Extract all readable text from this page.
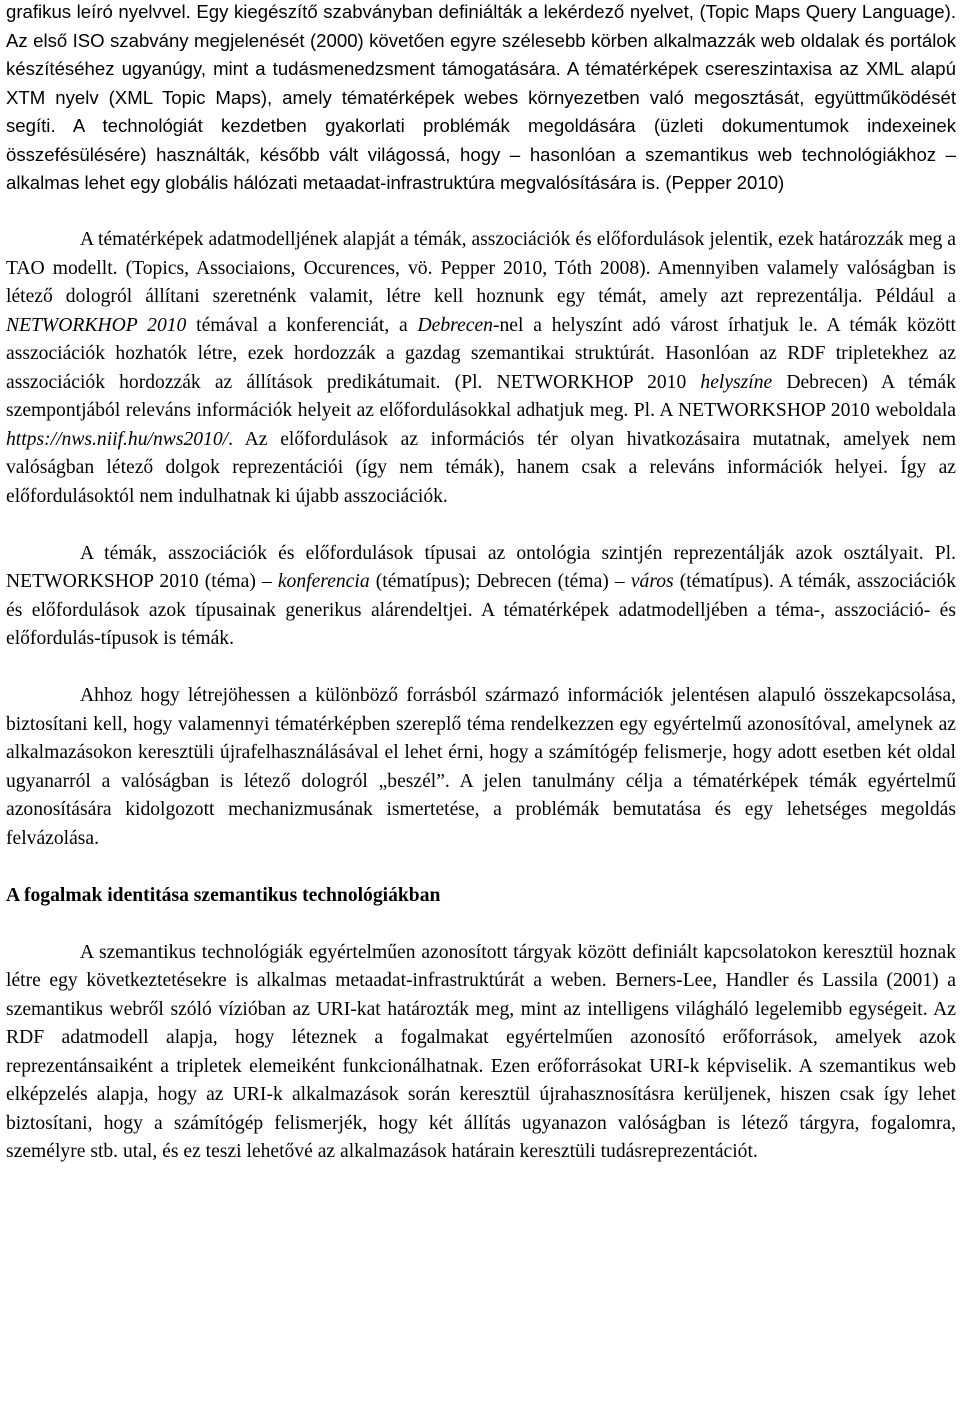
grafikus leíró nyelvvel. Egy kiegészítő szabványban definiálták a lekérdező nyelvet, (Topic Maps Query Language). Az első ISO szabvány megjelenését (2000) követően egyre szélesebb körben alkalmazzák web oldalak és portálok készítéséhez ugyanúgy, mint a tudásmenedzsment támogatására. A tématérképek csereszintaxisa az XML alapú XTM nyelv (XML Topic Maps), amely tématérképek webes környezetben való megosztását, együttműködését segíti. A technológiát kezdetben gyakorlati problémák megoldására (üzleti dokumentumok indexeinek összefésülésére) használták, később vált világossá, hogy – hasonlóan a szemantikus web technológiákhoz – alkalmas lehet egy globális hálózati metaadat-infrastruktúra megvalósítására is. (Pepper 2010)

A tématérképek adatmodelljének alapját a témák, asszociációk és előfordulások jelentik, ezek határozzák meg a TAO modellt. (Topics, Associaions, Occurences, vö. Pepper 2010, Tóth 2008). Amennyiben valamely valóságban is létező dologról állítani szeretnénk valamit, létre kell hoznunk egy témát, amely azt reprezentálja. Például a NETWORKHOP 2010 témával a konferenciát, a Debrecen-nel a helyszínt adó várost írhatjuk le. A témák között asszociációk hozhatók létre, ezek hordozzák a gazdag szemantikai struktúrát. Hasonlóan az RDF tripletekhez az asszociációk hordozzák az állítások predikátumait. (Pl. NETWORKHOP 2010 helyszíne Debrecen) A témák szempontjából releváns információk helyeit az előfordulásokkal adhatjuk meg. Pl. A NETWORKSHOP 2010 weboldala https://nws.niif.hu/nws2010/. Az előfordulások az információs tér olyan hivatkozásaira mutatnak, amelyek nem valóságban létező dolgok reprezentációi (így nem témák), hanem csak a releváns információk helyei. Így az előfordulásoktól nem indulhatnak ki újabb asszociációk.

A témák, asszociációk és előfordulások típusai az ontológia szintjén reprezentálják azok osztályait. Pl. NETWORKSHOP 2010 (téma) – konferencia (tématípus); Debrecen (téma) – város (tématípus). A témák, asszociációk és előfordulások azok típusainak generikus alárendeltjei. A tématérképek adatmodelljében a téma-, asszociáció- és előfordulás-típusok is témák.

Ahhoz hogy létrejöhessen a különböző forrásból származó információk jelentésen alapuló összekapcsolása, biztosítani kell, hogy valamennyi tématérképben szereplő téma rendelkezzen egy egyértelmű azonosítóval, amelynek az alkalmazásokon keresztüli újrafelhasználásával el lehet érni, hogy a számítógép felismerje, hogy adott esetben két oldal ugyanarról a valóságban is létező dologról „beszél”. A jelen tanulmány célja a tématérképek témák egyértelmű azonosítására kidolgozott mechanizmusának ismertetése, a problémák bemutatása és egy lehetséges megoldás felvázolása.

A fogalmak identitása szemantikus technológiákban

A szemantikus technológiák egyértelműen azonosított tárgyak között definiált kapcsolatokon keresztül hoznak létre egy következtetésekre is alkalmas metaadat-infrastruktúrát a weben. Berners-Lee, Handler és Lassila (2001) a szemantikus webről szóló vízióban az URI-kat határozták meg, mint az intelligens világháló legelemibb egységeit. Az RDF adatmodell alapja, hogy léteznek a fogalmakat egyértelműen azonosító erőforrások, amelyek azok reprezentánsaiként a tripletek elemeiként funkcionálhatnak. Ezen erőforrásokat URI-k képviselik. A szemantikus web elképzelés alapja, hogy az URI-k alkalmazások során keresztül újrahasznosításra kerüljenek, hiszen csak így lehet biztosítani, hogy a számítógép felismerjék, hogy két állítás ugyanazon valóságban is létező tárgyra, fogalomra, személyre stb. utal, és ez teszi lehetővé az alkalmazások határain keresztüli tudásreprezentációt.
